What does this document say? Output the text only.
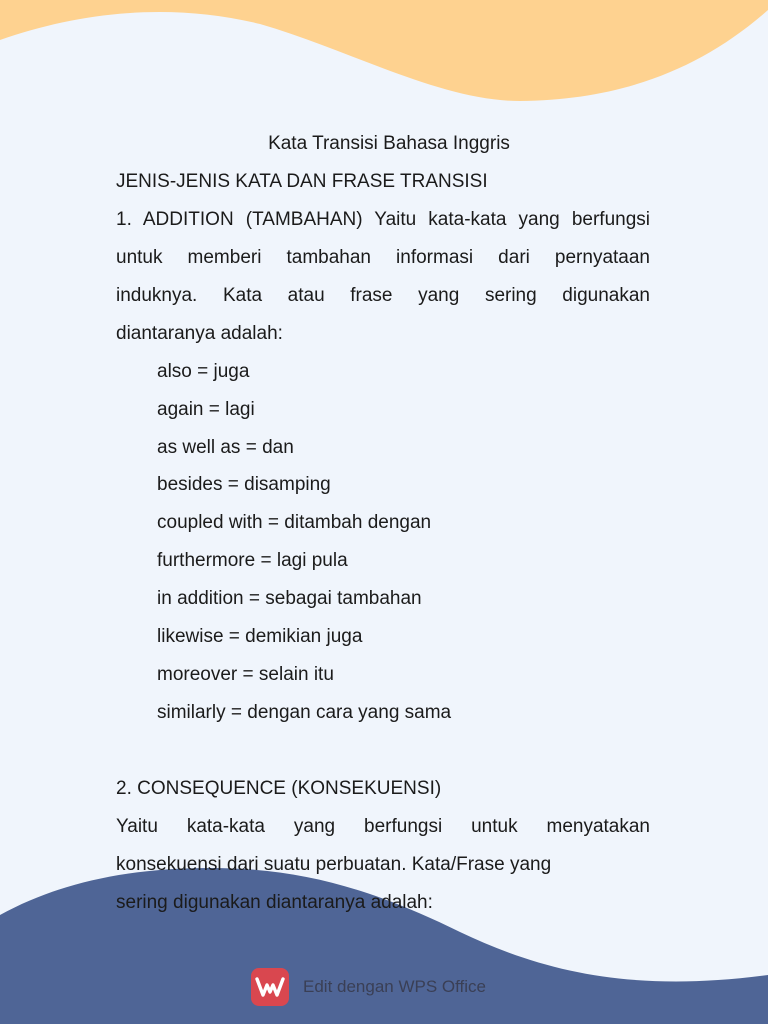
Kata Transisi Bahasa Inggris
JENIS-JENIS KATA DAN FRASE TRANSISI
1. ADDITION (TAMBAHAN) Yaitu kata-kata yang berfungsi
untuk memberi tambahan informasi dari pernyataan
induknya. Kata atau frase yang sering digunakan
diantaranya adalah:
also = juga
again = lagi
as well as = dan
besides = disamping
coupled with = ditambah dengan
furthermore = lagi pula
in addition = sebagai tambahan
likewise = demikian juga
moreover = selain itu
similarly = dengan cara yang sama
2. CONSEQUENCE (KONSEKUENSI)
Yaitu kata-kata yang berfungsi untuk menyatakan
konsekuensi dari suatu perbuatan. Kata/Frase yang
sering digunakan diantaranya adalah:
Edit dengan WPS Office
